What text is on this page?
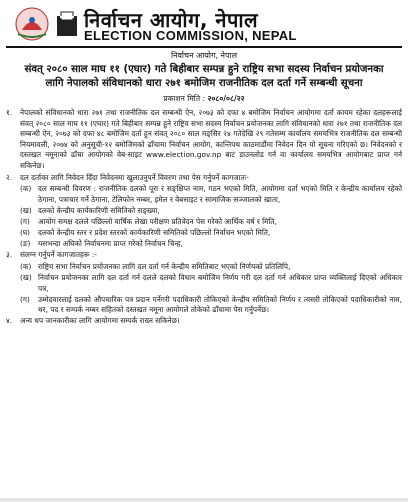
निर्वाचन आयोग, नेपाल
ELECTION COMMISSION, NEPAL
निर्वाचन आयोग, नेपाल
संवत् २०८० साल माघ ११ (एघार) गते बिहीबार सम्पन्न हुने राष्ट्रिय सभा सदस्य निर्वाचन प्रयोजनका लागि नेपालको संविधानको धारा २७१ बमोजिम राजनीतिक दल दर्ता गर्ने सम्बन्धी सूचना
प्रकाशन मिति : २०८०/०८/२२
१.	नेपालको संविधानको धारा २७१ तथा राजनीतिक दल सम्बन्धी ऐन, २०७३ को दफा ४ बमोजिम निर्वाचन आयोगमा दर्ता कायम रहेका दलहरूलाई संवत् २०८० साल माघ ११ (एघार) गते बिहीबार सम्पन्न हुने राष्ट्रिय सभा सदस्य निर्वाचन प्रयोजनका लागि संविधानको धारा २७१ तथा राजनीतिक दल सम्बन्धी ऐन, २०७३ को दफा ४८ बमोजिम दर्ता हुन संवत् २०८० साल मङ्सिर २४ गतेदेखि २९ गतेसम्म कार्यालय समयभित्र राजनीतिक दल सम्बन्धी नियमावली, २०७४ को अनुसूची-१२ बमोजिमको ढाँचामा निर्वाचन आयोग, कान्तिपथ काठमाडौंमा निवेदन दिन यो सूचना गरिएको छ। निवेदनको र दस्तखत नमूनाको ढाँचा आयोगको वेब-साइट www.election.gov.np बाट डाउनलोड गर्न वा कार्यालय समयभित्र आयोगबाट प्राप्त गर्न सकिनेछ।
२.	दल दर्ताका लागि निवेदन दिँदा निवेदनमा खुलाउनुपर्ने विवरण तथा पेस गर्नुपर्ने कागजातः-
(क) दल सम्बन्धी विवरण : राजनीतिक दलको पूरा र सङ्क्षिप्त नाम, गठन भएको मिति, आयोगमा दर्ता भएको मिति र केन्द्रीय कार्यालय रहेको ठेगाना, पत्राचार गर्ने ठेगाना, टेलिफोन नम्बर, इमेल र वेबसाइट र सामाजिक सञ्जालको खाता,
(ख) दलको केन्द्रीय कार्यकारिणी समितिको सङ्ख्या,
(ग)	आयोग समक्ष दलले पछिल्लो वार्षिक लेखा परीक्षण प्रतिवेदन पेस गरेको आर्थिक वर्ष र मिति,
(घ)	दलको केन्द्रीय स्तर र प्रदेश स्तरको कार्यकारिणी समितिको पछिल्लो निर्वाचन भएको मिति,
(ङ)	यसभन्दा अघिको निर्वाचनमा प्राप्त गरेको निर्वाचन चिन्ह,
३.	संलग्न गर्नुपर्ने कागजातहरू :-
(क) राष्ट्रिय सभा निर्वाचन प्रयोजनका लागि दल दर्ता गर्न केन्द्रीय समितिबाट भएको निर्णयको प्रतिलिपि,
(ख) निर्वाचन प्रयोजनका लागि दल दर्ता गर्न दलले दलको विधान बमोजिम निर्णय गरी दल दर्ता गर्न अधिकार प्राप्त व्यक्तिलाई दिएको अधिकार पत्र,
(ग)	उम्मेदवारलाई दलको औपचारिक पत्र प्रदान गर्नेगरी पदाधिकारी तोकिएको केन्द्रीय समितिको निर्णय र त्यसरी तोकिएको पदाधिकारीको नाम, थर, पद र सम्पर्क नम्बर सहितको दस्तखत नमूना आयोगले तोकेको ढाँचामा पेस गर्नुपर्नेछ।
४.	अन्य थप जानकारीका लागि आयोगमा सम्पर्क राख्न सकिनेछ।
